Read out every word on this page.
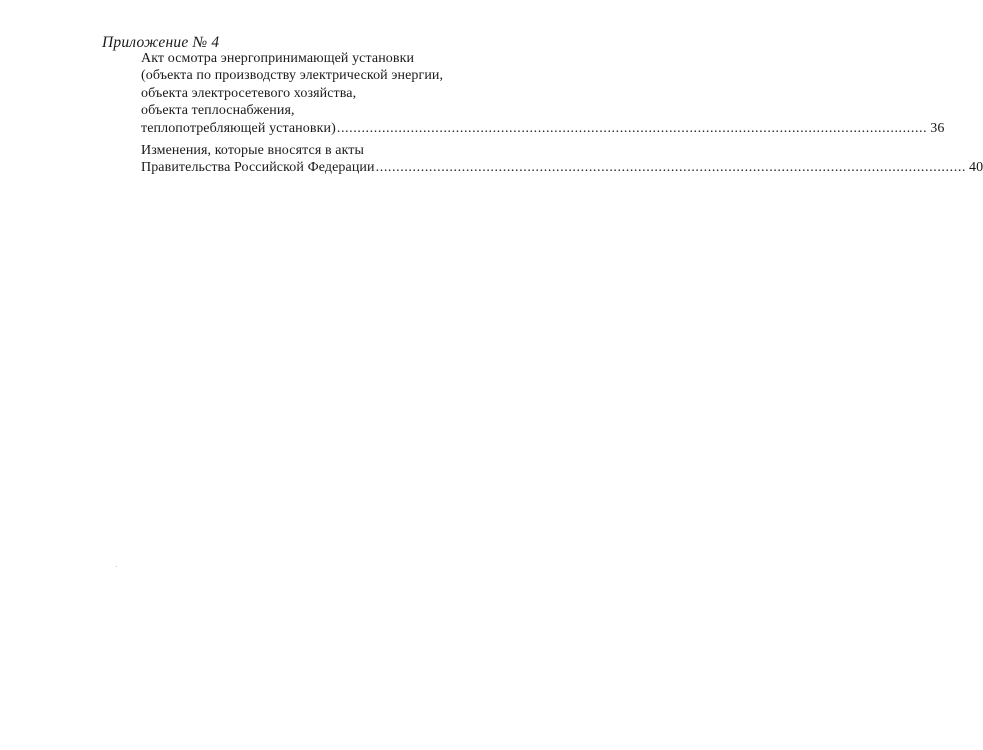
Приложение № 4
Акт осмотра энергопринимающей установки
(объекта по производству электрической энергии,
объекта электросетевого хозяйства,
объекта теплоснабжения,
теплопотребляющей установки) ................................................................................................................................................ 36
Изменения, которые вносятся в акты
Правительства Российской Федерации ................................................................................................................................................ 40
